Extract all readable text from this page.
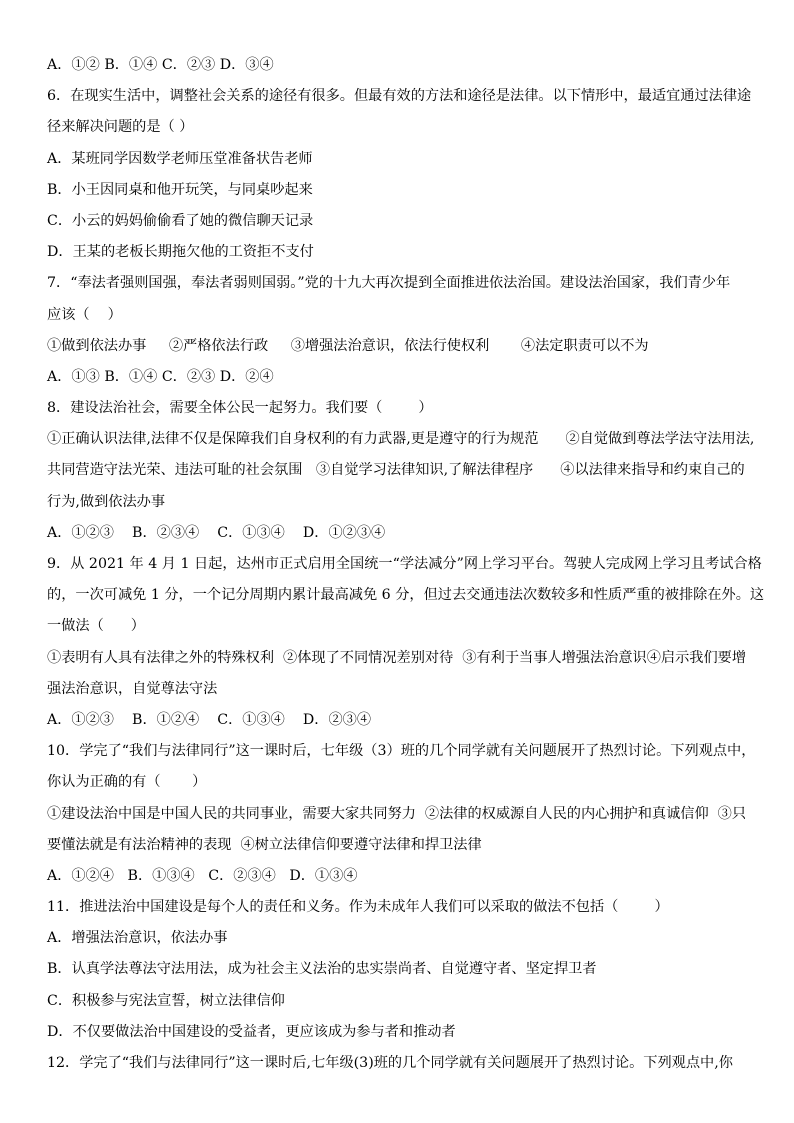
A．①② B．①④ C．②③ D．③④
6．在现实生活中，调整社会关系的途径有很多。但最有效的方法和途径是法律。以下情形中，最适宜通过法律途
径来解决问题的是（ ）
A．某班同学因数学老师压堂准备状告老师
B．小王因同桌和他开玩笑，与同桌吵起来
C．小云的妈妈偷偷看了她的微信聊天记录
D．王某的老板长期拖欠他的工资拒不支付
7．“奉法者强则国强，奉法者弱则国弱。”党的十九大再次提到全面推进依法治国。建设法治国家，我们青少年
应该（    ）
①做到依法办事     ②严格依法行政     ③增强法治意识，依法行使权利       ④法定职责可以不为
A．①③ B．①④ C．②③ D．②④
8．建设法治社会，需要全体公民一起努力。我们要（        ）
①正确认识法律,法律不仅是保障我们自身权利的有力武器,更是遵守的行为规范      ②自觉做到尊法学法守法用法,
共同营造守法光荣、违法可耻的社会氛围   ③自觉学习法律知识,了解法律程序      ④以法律来指导和约束自己的
行为,做到依法办事
A．①②③    B．②③④    C．①③④    D．①②③④
9．从 2021 年 4 月 1 日起，达州市正式启用全国统一“学法减分”网上学习平台。驾驶人完成网上学习且考试合格
的，一次可减免 1 分，一个记分周期内累计最高减免 6 分，但过去交通违法次数较多和性质严重的被排除在外。这
一做法（      ）
①表明有人具有法律之外的特殊权利  ②体现了不同情况差别对待  ③有利于当事人增强法治意识④启示我们要增
强法治意识，自觉尊法守法
A．①②③    B．①②④    C．①③④    D．②③④
10．学完了“我们与法律同行”这一课时后，七年级（3）班的几个同学就有关问题展开了热烈讨论。下列观点中，
你认为正确的有（       ）
①建设法治中国是中国人民的共同事业，需要大家共同努力  ②法律的权威源自人民的内心拥护和真诚信仰  ③只
要懂法就是有法治精神的表现  ④树立法律信仰要遵守法律和捍卫法律
A．①②④   B．①③④   C．②③④   D．①③④
11．推进法治中国建设是每个人的责任和义务。作为未成年人我们可以采取的做法不包括（        ）
A．增强法治意识，依法办事
B．认真学法尊法守法用法，成为社会主义法治的忠实崇尚者、自觉遵守者、坚定捍卫者
C．积极参与宪法宣誓，树立法律信仰
D．不仅要做法治中国建设的受益者，更应该成为参与者和推动者
12．学完了“我们与法律同行”这一课时后,七年级(3)班的几个同学就有关问题展开了热烈讨论。下列观点中,你
